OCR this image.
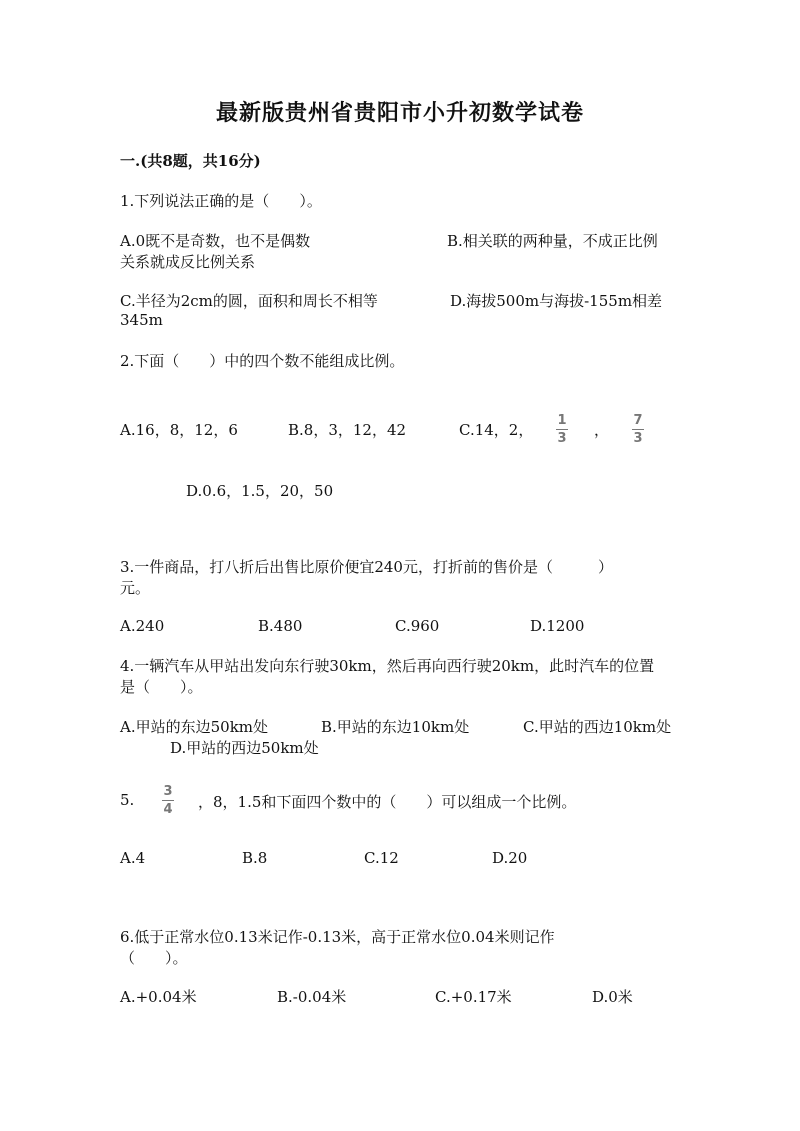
最新版贵州省贵阳市小升初数学试卷
一.(共8题，共16分)
1.下列说法正确的是（　　）。
A.0既不是奇数，也不是偶数	B.相关联的两种量，不成正比例
关系就成反比例关系
C.半径为2cm的圆，面积和周长不相等	D.海拔500m与海拔-155m相差
345m
2.下面（　　）中的四个数不能组成比例。
A.16，8，12，6	B.8，3，12，42	C.14，2，
1
3 ，
7
3
D.0.6，1.5，20，50
3.一件商品，打八折后出售比原价便宜240元，打折前的售价是（　　　）
元。
A.240	B.480	C.960	D.1200
4.一辆汽车从甲站出发向东行驶30km，然后再向西行驶20km，此时汽车的位置
是（　　）。
A.甲站的东边50km处	B.甲站的东边10km处	C.甲站的西边10km处
D.甲站的西边50km处
5. 3
4 ，8，1.5和下面四个数中的（　　）可以组成一个比例。
A.4	B.8	C.12	D.20
6.低于正常水位0.13米记作-0.13米，高于正常水位0.04米则记作
（　　）。
A.+0.04米	B.-0.04米	C.+0.17米	D.0米
